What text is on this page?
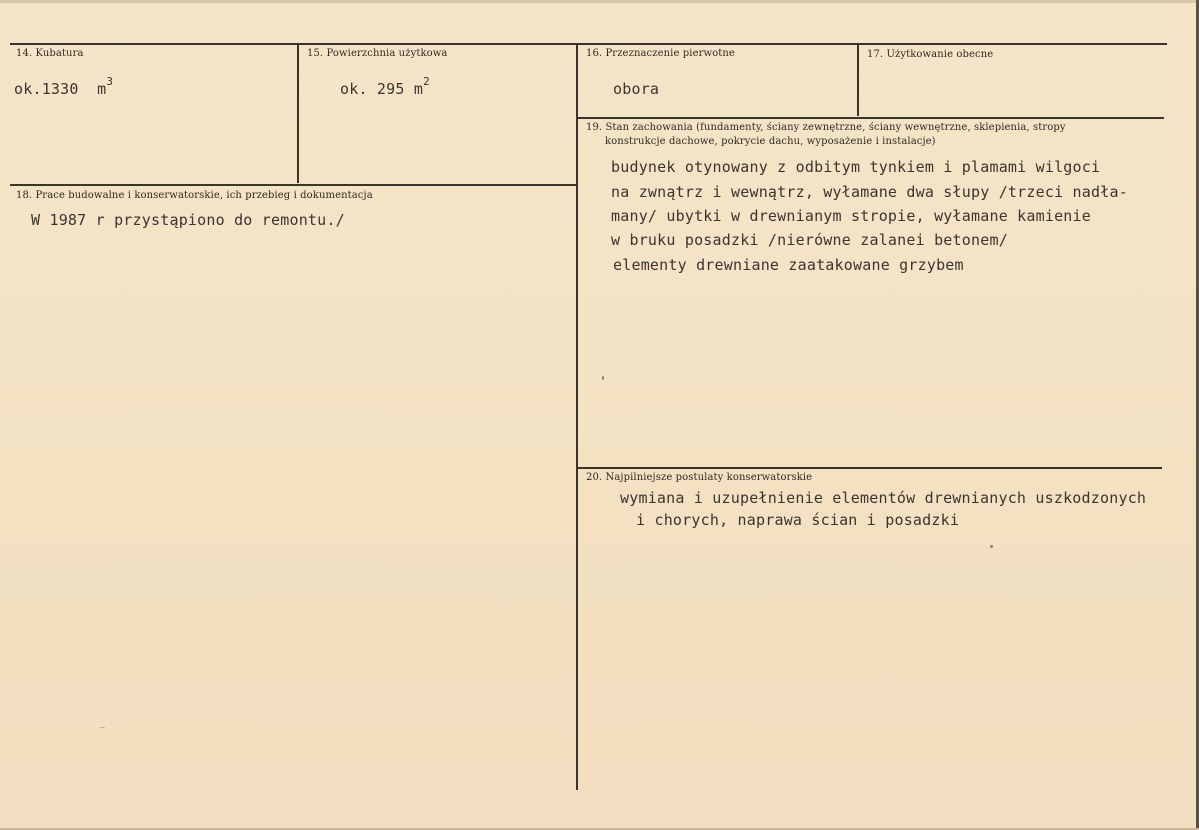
14. Kubatura
ok.1330 $m^3$
15. Powierzchnia użytkowa
ok. 295 $m^2$
16. Przeznaczenie pierwotne
obora
17. Użytkowanie obecne
18. Prace budowalne i konserwatorskie, ich przebieg i dokumentacja
W 1987 r przystąpiono do remontu./
19. Stan zachowania (fundamenty, ściany zewnętrzne, ściany wewnętrzne, sklepienia, stropy
konstrukcje dachowe, pokrycie dachu, wyposażenie i instalacje)
budynek otynowany z odbitym tynkiem i plamami wilgoci
na zwnątrz i wewnątrz, wyłamane dwa słupy /trzeci nadła-
many/ ubytki w drewnianym stropie, wyłamane kamienie
w bruku posadzki /nierówne zalanei betonem/
elementy drewniane zaatakowane grzybem
20. Najpilniejsze postulaty konserwatorskie
wymiana i uzupełnienie elementów drewnianych uszkodzonych
i chorych, naprawa ścian i posadzki
